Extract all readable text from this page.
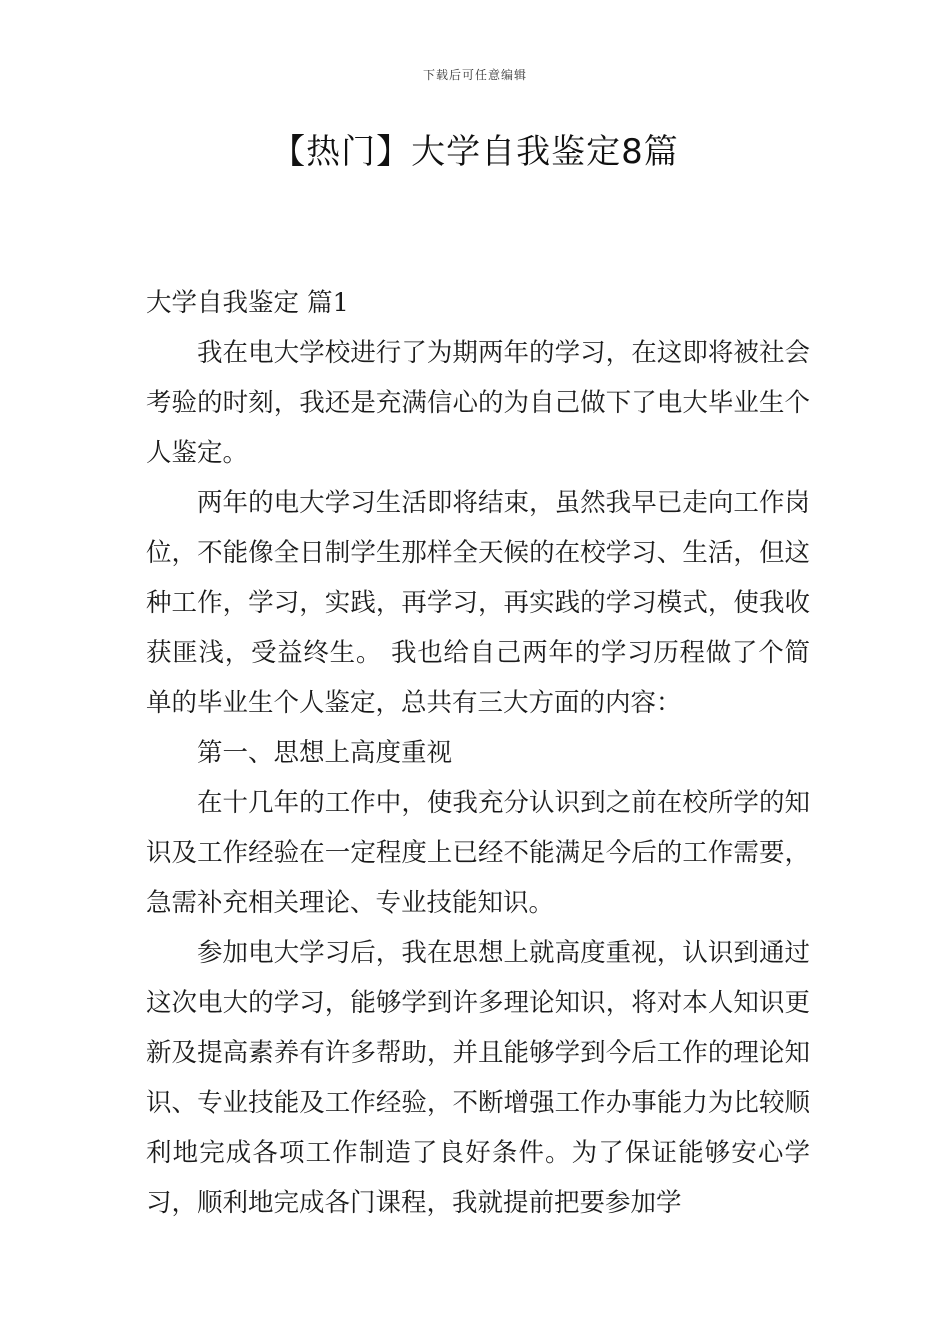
下载后可任意编辑
【热门】大学自我鉴定8篇

大学自我鉴定 篇1

我在电大学校进行了为期两年的学习，在这即将被社会考验的时刻，我还是充满信心的为自己做下了电大毕业生个人鉴定。

两年的电大学习生活即将结束，虽然我早已走向工作岗位，不能像全日制学生那样全天候的在校学习、生活，但这种工作，学习，实践，再学习，再实践的学习模式，使我收获匪浅，受益终生。 我也给自己两年的学习历程做了个简单的毕业生个人鉴定，总共有三大方面的内容：

第一、思想上高度重视

在十几年的工作中，使我充分认识到之前在校所学的知识及工作经验在一定程度上已经不能满足今后的工作需要，急需补充相关理论、专业技能知识。

参加电大学习后，我在思想上就高度重视，认识到通过这次电大的学习，能够学到许多理论知识，将对本人知识更新及提高素养有许多帮助，并且能够学到今后工作的理论知识、专业技能及工作经验，不断增强工作办事能力为比较顺利地完成各项工作制造了良好条件。为了保证能够安心学习，顺利地完成各门课程，我就提前把要参加学
